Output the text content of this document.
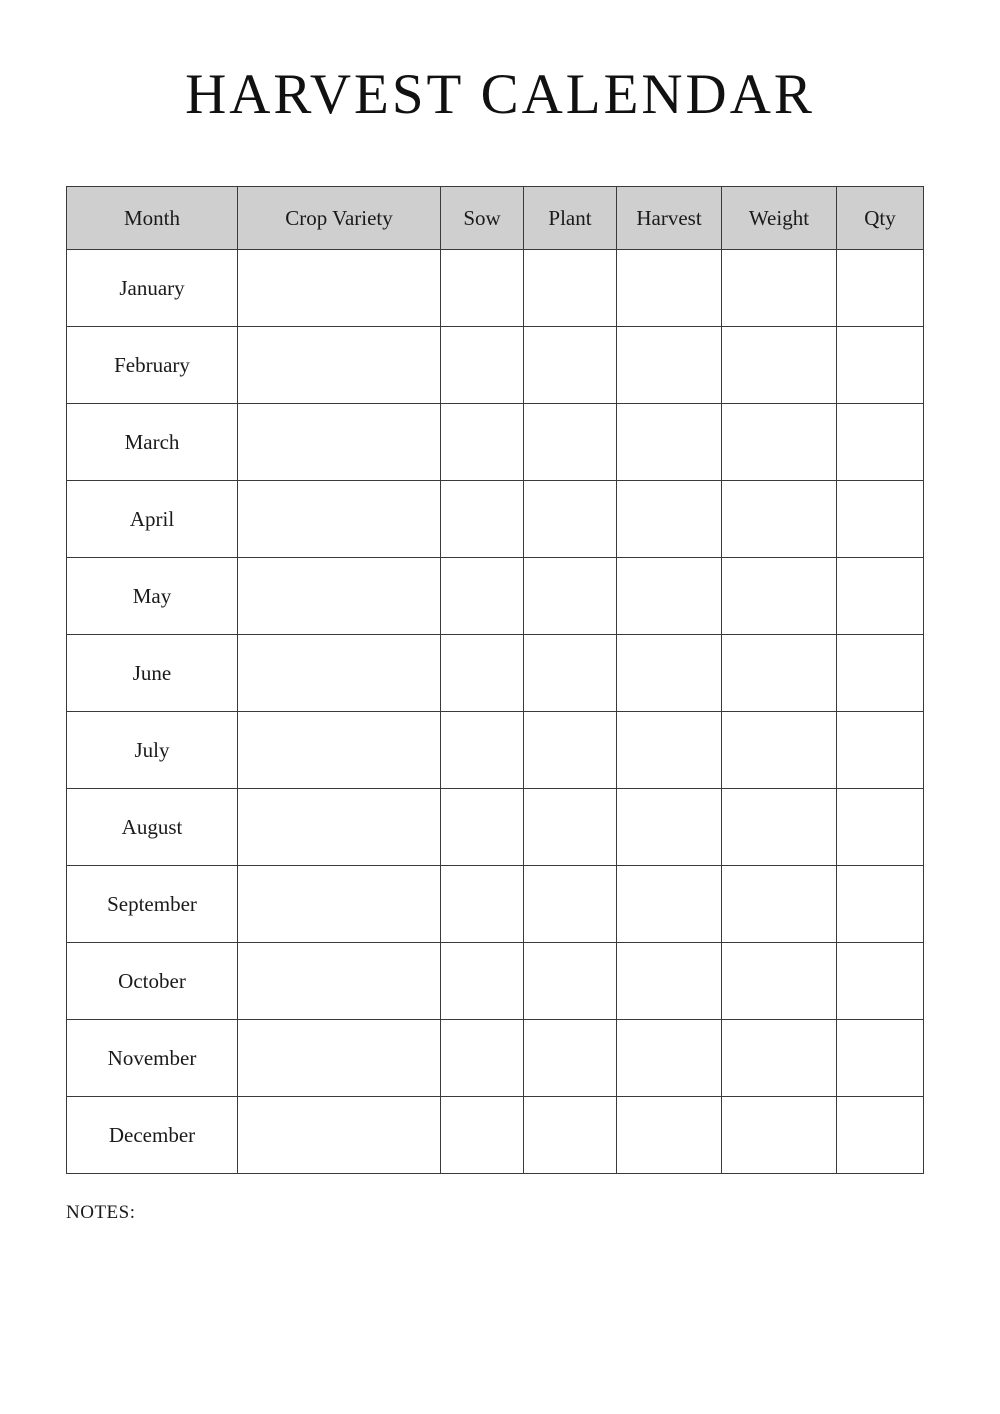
HARVEST CALENDAR
Month	Crop Variety	Sow	Plant	Harvest	Weight	Qty
January						
February						
March						
April						
May						
June						
July						
August						
September						
October						
November						
December						
NOTES:
